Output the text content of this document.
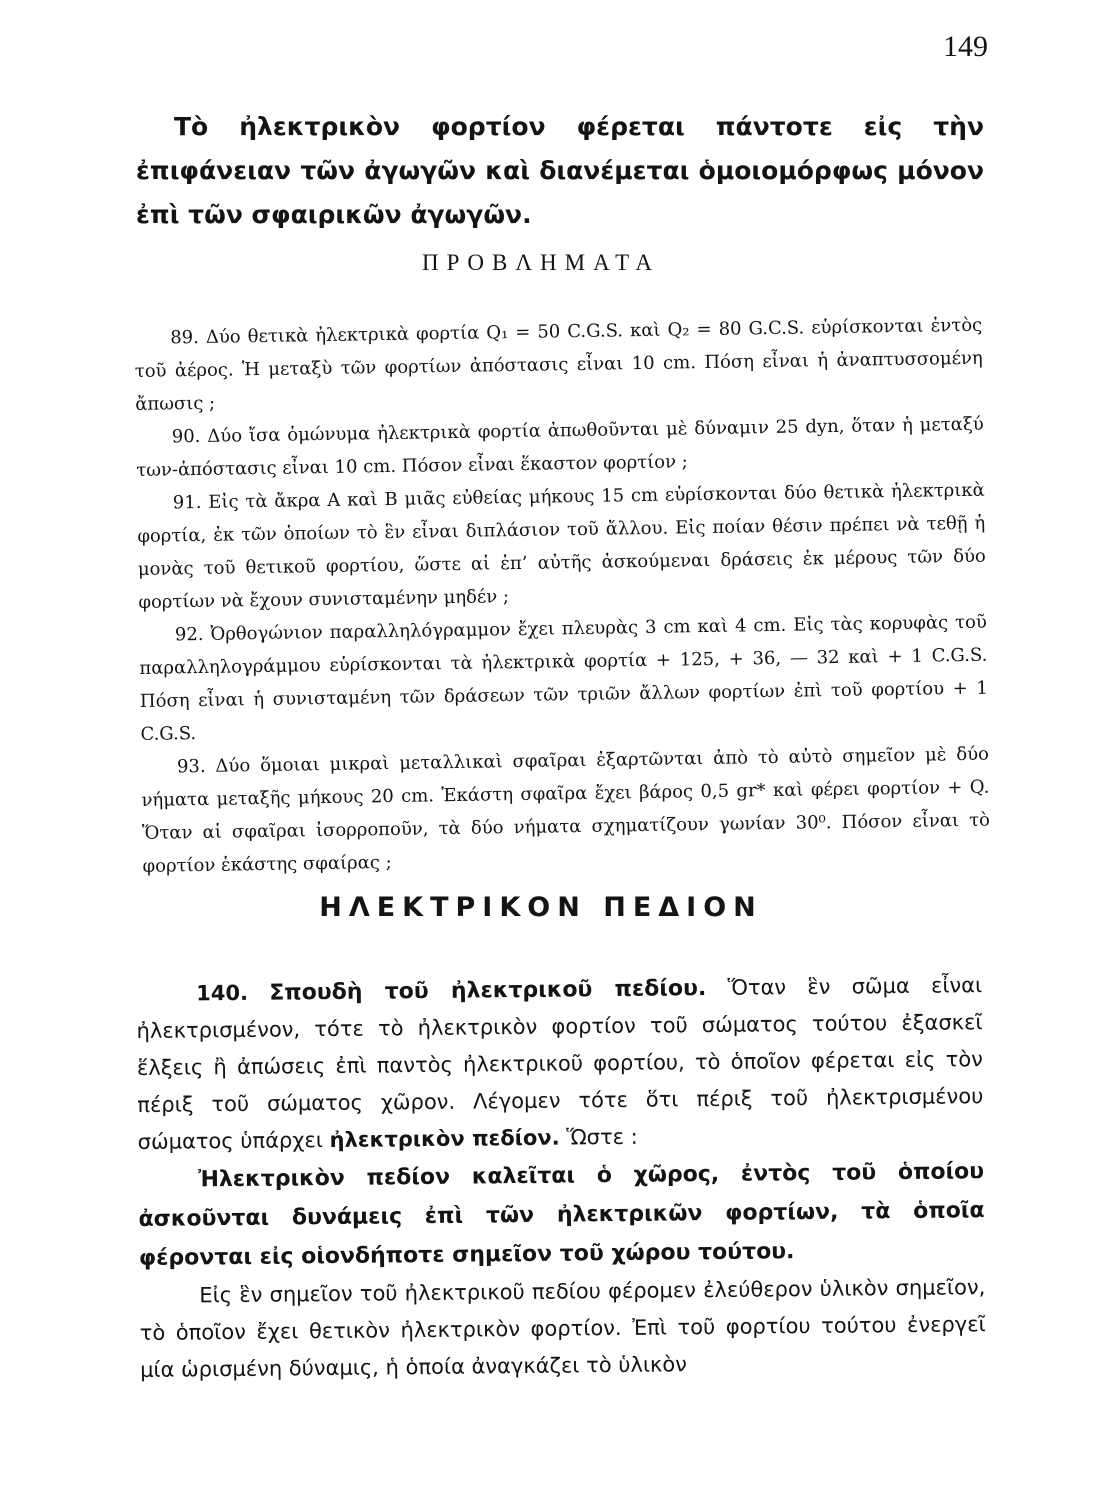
149
Τὸ ἠλεκτρικὸν φορτίον φέρεται πάντοτε εἰς τὴν ἐπιφάνειαν τῶν ἀγωγῶν καὶ διανέμεται ὁμοιομόρφως μόνον ἐπὶ τῶν σφαιρικῶν ἀγωγῶν.
ΠΡΟΒΛΗΜΑΤΑ

89. Δύο θετικὰ ἠλεκτρικὰ φορτία Q₁ = 50 C.G.S. καὶ Q₂ = 80 G.C.S. εὑρίσκονται ἐντὸς τοῦ ἀέρος. Ἡ μεταξὺ τῶν φορτίων ἀπόστασις εἶναι 10 cm. Πόση εἶναι ἡ ἀναπτυσσομένη ἄπωσις ;

90. Δύο ἴσα ὁμώνυμα ἠλεκτρικὰ φορτία ἀπωθοῦνται μὲ δύναμιν 25 dyn, ὅταν ἡ μεταξύ των-ἀπόστασις εἶναι 10 cm. Πόσον εἶναι ἕκαστον φορτίον ;

91. Εἰς τὰ ἄκρα Α καὶ Β μιᾶς εὐθείας μήκους 15 cm εὑρίσκονται δύο θετικὰ ἠλεκτρικὰ φορτία, ἐκ τῶν ὁποίων τὸ ἓν εἶναι διπλάσιον τοῦ ἄλλου. Εἰς ποίαν θέσιν πρέπει νὰ τεθῇ ἡ μονὰς τοῦ θετικοῦ φορτίου, ὥστε αἱ ἐπ’ αὐτῆς ἀσκούμεναι δράσεις ἐκ μέρους τῶν δύο φορτίων νὰ ἔχουν συνισταμένην μηδέν ;

92. Ὀρθογώνιον παραλληλόγραμμον ἔχει πλευρὰς 3 cm καὶ 4 cm. Εἰς τὰς κορυφὰς τοῦ παραλληλογράμμου εὑρίσκονται τὰ ἠλεκτρικὰ φορτία + 125, + 36, — 32 καὶ + 1 C.G.S. Πόση εἶναι ἡ συνισταμένη τῶν δράσεων τῶν τριῶν ἄλλων φορτίων ἐπὶ τοῦ φορτίου + 1 C.G.S.

93. Δύο ὅμοιαι μικραὶ μεταλλικαὶ σφαῖραι ἐξαρτῶνται ἀπὸ τὸ αὐτὸ σημεῖον μὲ δύο νήματα μεταξῆς μήκους 20 cm. Ἑκάστη σφαῖρα ἔχει βάρος 0,5 gr* καὶ φέρει φορτίον + Q. Ὅταν αἱ σφαῖραι ἰσορροποῦν, τὰ δύο νήματα σχηματίζουν γωνίαν 30⁰. Πόσον εἶναι τὸ φορτίον ἑκάστης σφαίρας ;

ΗΛΕΚΤΡΙΚΟΝ ΠΕΔΙΟΝ

140. Σπουδὴ τοῦ ἠλεκτρικοῦ πεδίου. Ὅταν ἓν σῶμα εἶναι ἠλεκτρισμένον, τότε τὸ ἠλεκτρικὸν φορτίον τοῦ σώματος τούτου ἐξασκεῖ ἕλξεις ἢ ἀπώσεις ἐπὶ παντὸς ἠλεκτρικοῦ φορτίου, τὸ ὁποῖον φέρεται εἰς τὸν πέριξ τοῦ σώματος χῶρον. Λέγομεν τότε ὅτι πέριξ τοῦ ἠλεκτρισμένου σώματος ὑπάρχει ἠλεκτρικὸν πεδίον. Ὥστε :

Ἠλεκτρικὸν πεδίον καλεῖται ὁ χῶρος, ἐντὸς τοῦ ὁποίου ἀσκοῦνται δυνάμεις ἐπὶ τῶν ἠλεκτρικῶν φορτίων, τὰ ὁποῖα φέρονται εἰς οἱονδήποτε σημεῖον τοῦ χώρου τούτου.

Εἰς ἓν σημεῖον τοῦ ἠλεκτρικοῦ πεδίου φέρομεν ἐλεύθερον ὑλικὸν σημεῖον, τὸ ὁποῖον ἔχει θετικὸν ἠλεκτρικὸν φορτίον. Ἐπὶ τοῦ φορτίου τούτου ἐνεργεῖ μία ὡρισμένη δύναμις, ἡ ὁποία ἀναγκάζει τὸ ὑλικὸν
